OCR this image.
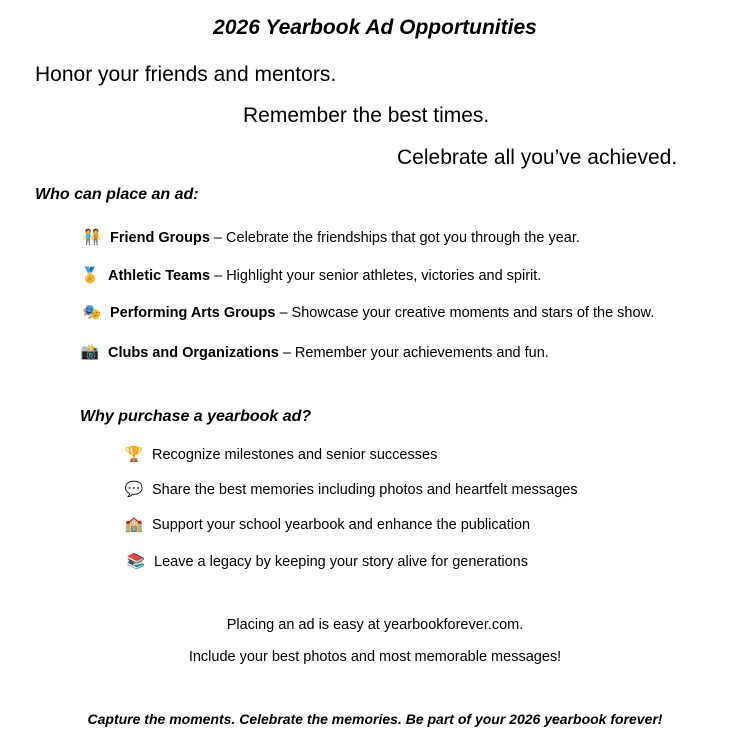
2026 Yearbook Ad Opportunities
Honor your friends and mentors.
Remember the best times.
Celebrate all you’ve achieved.
Who can place an ad:
🧑‍🤝‍🧑 Friend Groups – Celebrate the friendships that got you through the year.
🏅 Athletic Teams – Highlight your senior athletes, victories and spirit.
🎭 Performing Arts Groups – Showcase your creative moments and stars of the show.
📸 Clubs and Organizations – Remember your achievements and fun.
Why purchase a yearbook ad?
🏆 Recognize milestones and senior successes
💬 Share the best memories including photos and heartfelt messages
🏫 Support your school yearbook and enhance the publication
📚 Leave a legacy by keeping your story alive for generations
Placing an ad is easy at yearbookforever.com.
Include your best photos and most memorable messages!
Capture the moments. Celebrate the memories. Be part of your 2026 yearbook forever!
